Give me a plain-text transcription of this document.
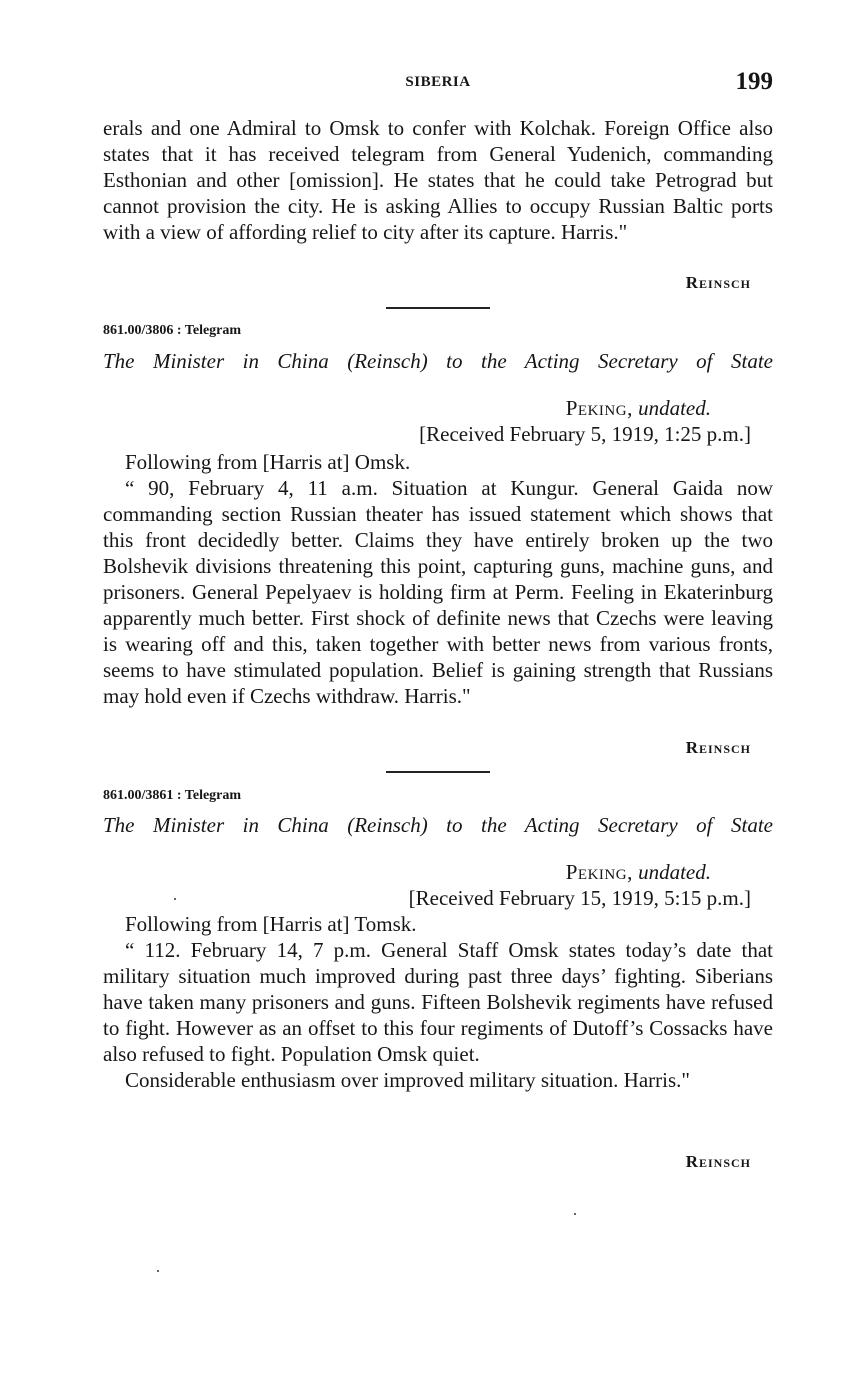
SIBERIA	199

erals and one Admiral to Omsk to confer with Kolchak. Foreign Office also states that it has received telegram from General Yudenich, commanding Esthonian and other [omission]. He states that he could take Petrograd but cannot provision the city. He is asking Allies to occupy Russian Baltic ports with a view of affording relief to city after its capture. Harris."

Reinsch
861.00/3806 : Telegram
The Minister in China (Reinsch) to the Acting Secretary of State
Peking, undated.
[Received February 5, 1919, 1:25 p.m.]

Following from [Harris at] Omsk.

“ 90, February 4, 11 a.m. Situation at Kungur. General Gaida now commanding section Russian theater has issued statement which shows that this front decidedly better. Claims they have entirely broken up the two Bolshevik divisions threatening this point, capturing guns, machine guns, and prisoners. General Pepelyaev is holding firm at Perm. Feeling in Ekaterinburg apparently much better. First shock of definite news that Czechs were leaving is wearing off and this, taken together with better news from various fronts, seems to have stimulated population. Belief is gaining strength that Russians may hold even if Czechs withdraw. Harris."

Reinsch
861.00/3861 : Telegram
The Minister in China (Reinsch) to the Acting Secretary of State
Peking, undated.
[Received February 15, 1919, 5:15 p.m.]

Following from [Harris at] Tomsk.

“ 112. February 14, 7 p.m. General Staff Omsk states today’s date that military situation much improved during past three days’ fighting. Siberians have taken many prisoners and guns. Fifteen Bolshevik regiments have refused to fight. However as an offset to this four regiments of Dutoff’s Cossacks have also refused to fight. Population Omsk quiet.

Considerable enthusiasm over improved military situation. Harris."

Reinsch
